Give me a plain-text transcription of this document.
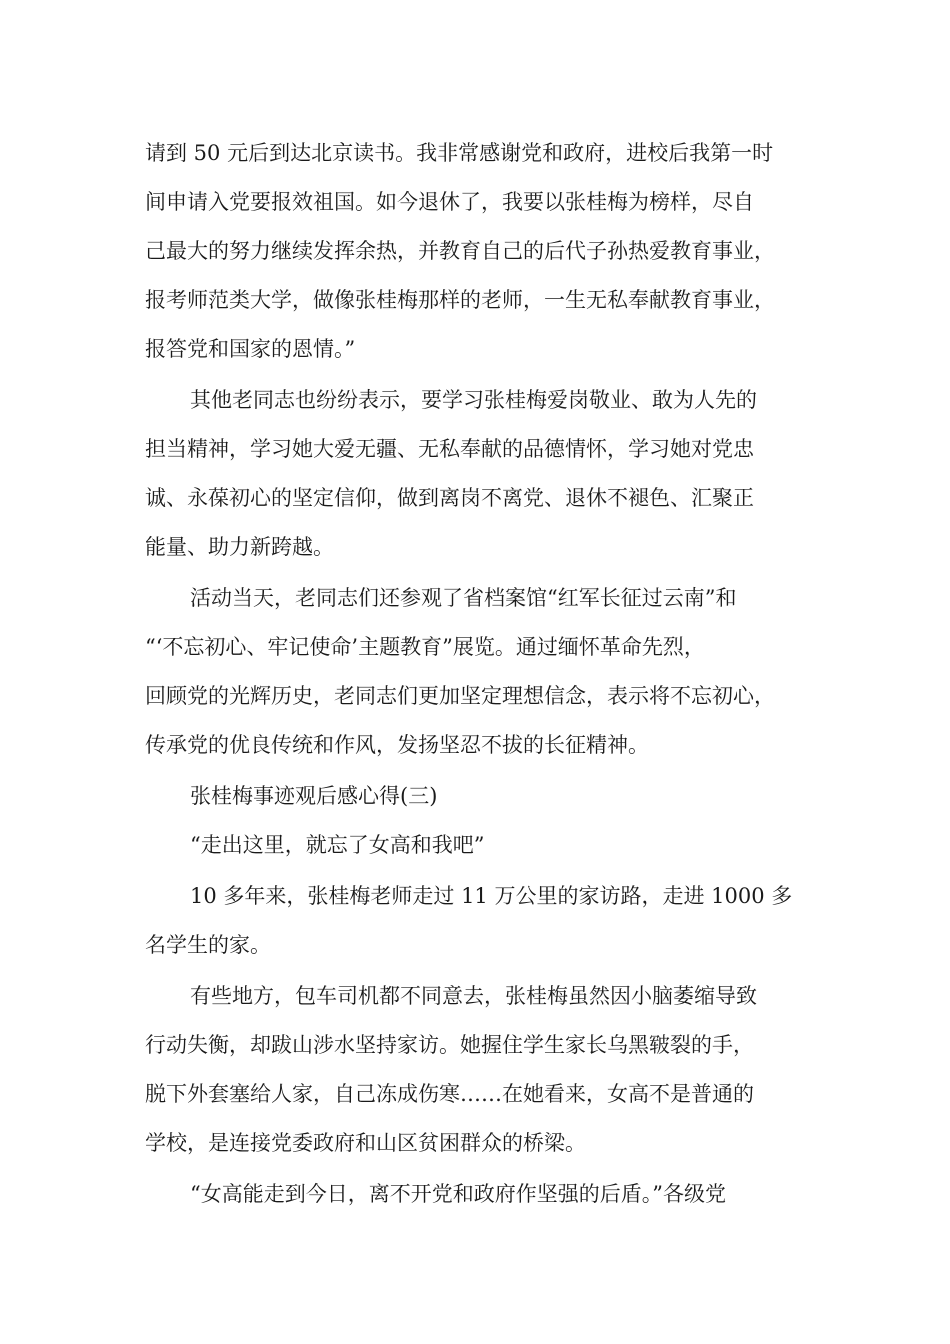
请到 50 元后到达北京读书。我非常感谢党和政府，进校后我第一时
间申请入党要报效祖国。如今退休了，我要以张桂梅为榜样，尽自
己最大的努力继续发挥余热，并教育自己的后代子孙热爱教育事业，
报考师范类大学，做像张桂梅那样的老师，一生无私奉献教育事业，
报答党和国家的恩情。”
其他老同志也纷纷表示，要学习张桂梅爱岗敬业、敢为人先的
担当精神，学习她大爱无疆、无私奉献的品德情怀，学习她对党忠
诚、永葆初心的坚定信仰，做到离岗不离党、退休不褪色、汇聚正
能量、助力新跨越。
活动当天，老同志们还参观了省档案馆“红军长征过云南”和
“‘不忘初心、牢记使命’主题教育”展览。通过缅怀革命先烈，
回顾党的光辉历史，老同志们更加坚定理想信念，表示将不忘初心，
传承党的优良传统和作风，发扬坚忍不拔的长征精神。
张桂梅事迹观后感心得(三)
“走出这里，就忘了女高和我吧”
10 多年来，张桂梅老师走过 11 万公里的家访路，走进 1000 多
名学生的家。
有些地方，包车司机都不同意去，张桂梅虽然因小脑萎缩导致
行动失衡，却跋山涉水坚持家访。她握住学生家长乌黑皲裂的手，
脱下外套塞给人家，自己冻成伤寒……在她看来，女高不是普通的
学校，是连接党委政府和山区贫困群众的桥梁。
“女高能走到今日，离不开党和政府作坚强的后盾。”各级党
